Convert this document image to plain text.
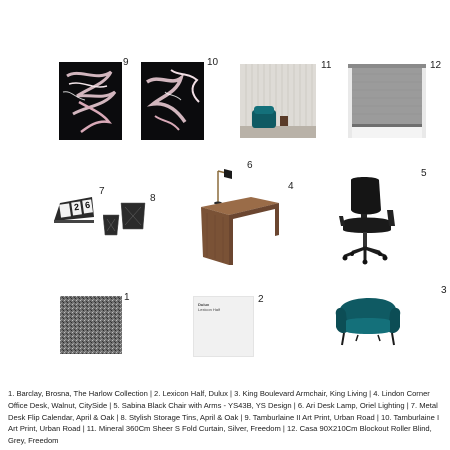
9	10	11	12
2 6
7
8
6
4
5
1
Dulux
Lexicon Half
2
3
1. Barclay, Brosna, The Harlow Collection | 2. Lexicon Half, Dulux | 3. King Boulevard Armchair, King Living | 4. Lindon Corner Office Desk, Walnut, CitySide | 5. Sabina Black Chair with Arms - YS43B, YS Design | 6. Ari Desk Lamp, Oriel Lighting | 7. Metal Desk Flip Calendar, April & Oak | 8. Stylish Storage Tins, April & Oak | 9. Tamburlaine II Art Print, Urban Road | 10. Tamburlaine I Art Print, Urban Road | 11. Mineral 360Cm Sheer S Fold Curtain, Silver, Freedom | 12. Casa 90X210Cm Blockout Roller Blind, Grey, Freedom
